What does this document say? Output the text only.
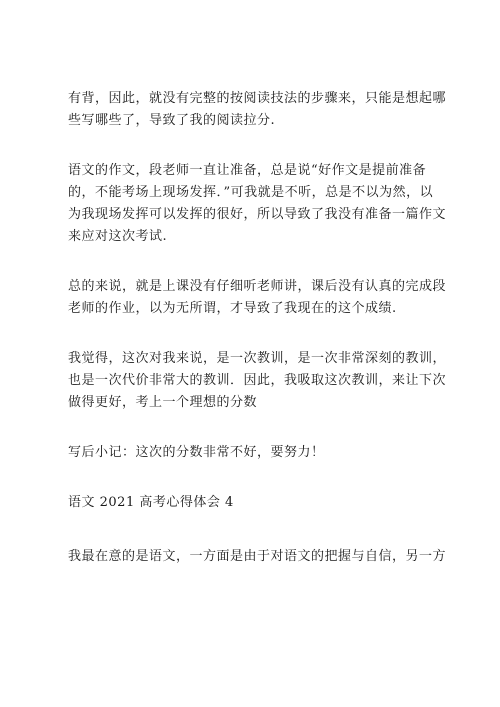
有背，因此，就没有完整的按阅读技法的步骤来，只能是想起哪
些写哪些了，导致了我的阅读拉分.

语文的作文，段老师一直让准备，总是说“好作文是提前准备
的，不能考场上现场发挥．”可我就是不听，总是不以为然，以
为我现场发挥可以发挥的很好，所以导致了我没有准备一篇作文
来应对这次考试.

总的来说，就是上课没有仔细听老师讲，课后没有认真的完成段
老师的作业，以为无所谓，才导致了我现在的这个成绩.

我觉得，这次对我来说，是一次教训，是一次非常深刻的教训，
也是一次代价非常大的教训．因此，我吸取这次教训，来让下次
做得更好，考上一个理想的分数

写后小记：这次的分数非常不好，要努力！

语文 2021 高考心得体会 4

我最在意的是语文，一方面是由于对语文的把握与自信，另一方
